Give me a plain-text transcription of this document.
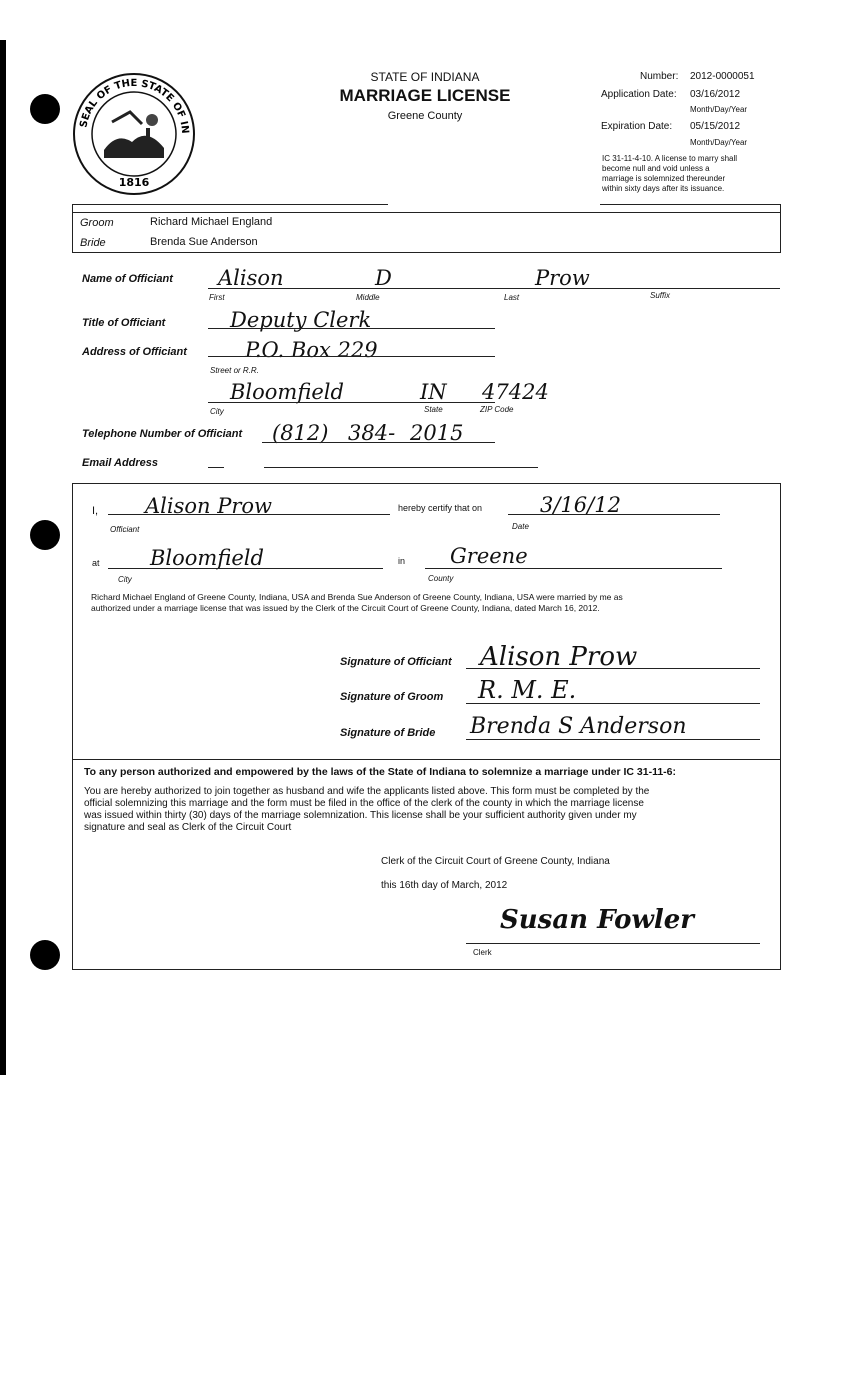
SEAL OF THE STATE OF IN
1816
STATE OF INDIANA
MARRIAGE LICENSE
Greene County
Number: 2012-0000051
Application Date: 03/16/2012
Month/Day/Year
Expiration Date: 05/15/2012
Month/Day/Year
IC 31-11-4-10. A license to marry shall
become null and void unless a
marriage is solemnized thereunder
within sixty days after its issuance.
Groom	Richard Michael England
Bride	Brenda Sue Anderson
Name of Officiant Alison	D	Prow
First	Middle	Last	Suffix
Title of Officiant	Deputy Clerk
Address of Officiant	P.O. Box 229
Street or R.R.
Bloomfield	IN 47424
City	State	ZIP Code
Telephone Number of Officiant (812) 384- 2015
Email Address
I, Alison Prow
Officiant
hereby certify that on	3/16/12
Date
at Bloomfield
City
in Greene
County
Richard Michael England of Greene County, Indiana, USA and Brenda Sue Anderson of Greene County, Indiana, USA were married by me as
authorized under a marriage license that was issued by the Clerk of the Circuit Court of Greene County, Indiana, dated March 16, 2012.
Signature of Officiant Alison Prow
Signature of Groom R. M. E.
Signature of Bride Brenda S Anderson
To any person authorized and empowered by the laws of the State of Indiana to solemnize a marriage under IC 31-11-6:
You are hereby authorized to join together as husband and wife the applicants listed above. This form must be completed by the
official solemnizing this marriage and the form must be filed in the office of the clerk of the county in which the marriage license
was issued within thirty (30) days of the marriage solemnization. This license shall be your sufficient authority given under my
signature and seal as Clerk of the Circuit Court
Clerk of the Circuit Court of Greene County, Indiana
this 16th day of March, 2012
Susan Fowler
Clerk
